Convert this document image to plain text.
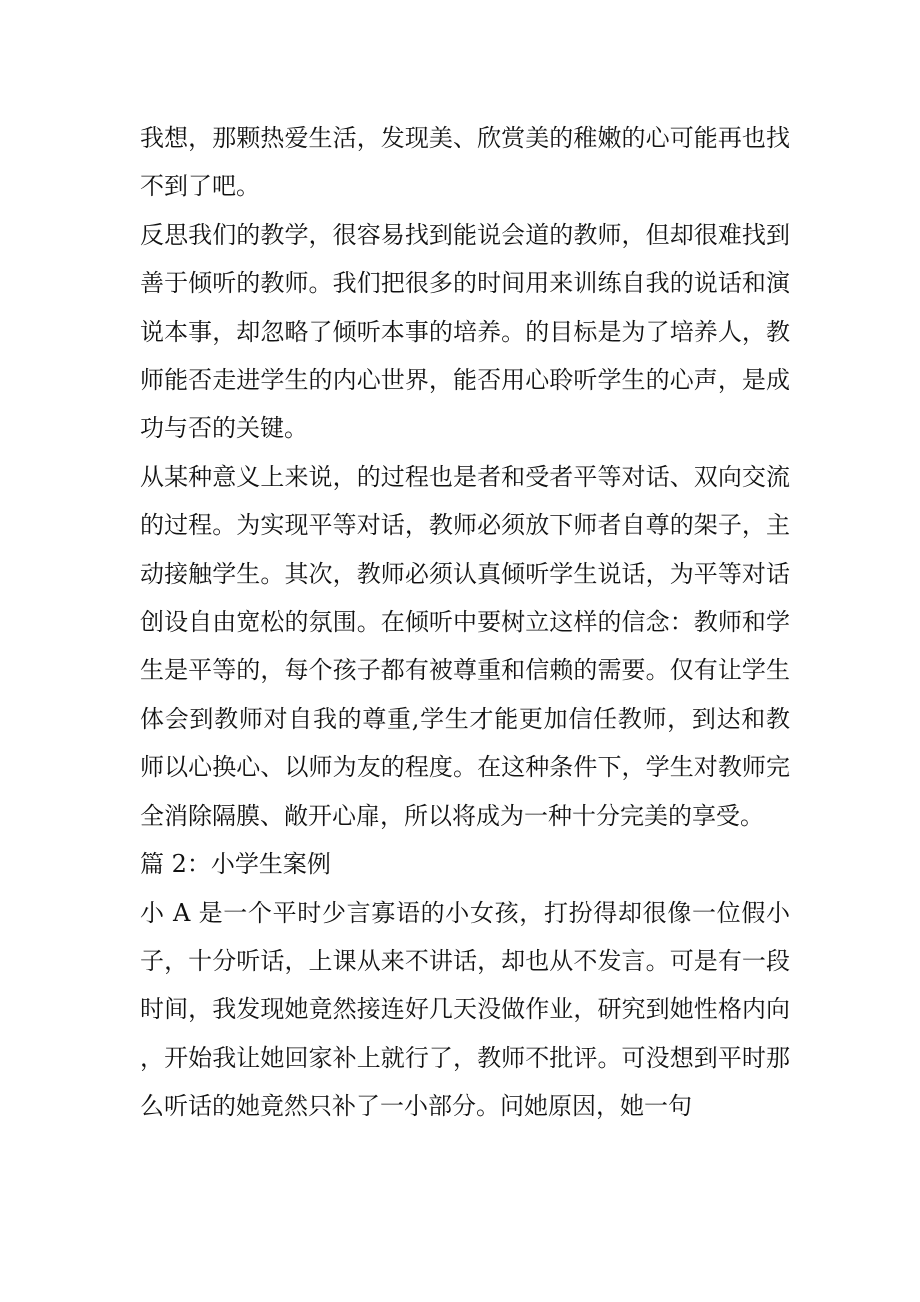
我想，那颗热爱生活，发现美、欣赏美的稚嫩的心可能再也找不到了吧。

反思我们的教学，很容易找到能说会道的教师，但却很难找到善于倾听的教师。我们把很多的时间用来训练自我的说话和演说本事，却忽略了倾听本事的培养。的目标是为了培养人，教师能否走进学生的内心世界，能否用心聆听学生的心声，是成功与否的关键。

从某种意义上来说，的过程也是者和受者平等对话、双向交流的过程。为实现平等对话，教师必须放下师者自尊的架子，主动接触学生。其次，教师必须认真倾听学生说话，为平等对话创设自由宽松的氛围。在倾听中要树立这样的信念：教师和学生是平等的，每个孩子都有被尊重和信赖的需要。仅有让学生体会到教师对自我的尊重,学生才能更加信任教师，到达和教师以心换心、以师为友的程度。在这种条件下，学生对教师完全消除隔膜、敞开心扉，所以将成为一种十分完美的享受。

篇 2：小学生案例

小 A 是一个平时少言寡语的小女孩，打扮得却很像一位假小子，十分听话，上课从来不讲话，却也从不发言。可是有一段时间，我发现她竟然接连好几天没做作业，研究到她性格内向，开始我让她回家补上就行了，教师不批评。可没想到平时那么听话的她竟然只补了一小部分。问她原因，她一句
